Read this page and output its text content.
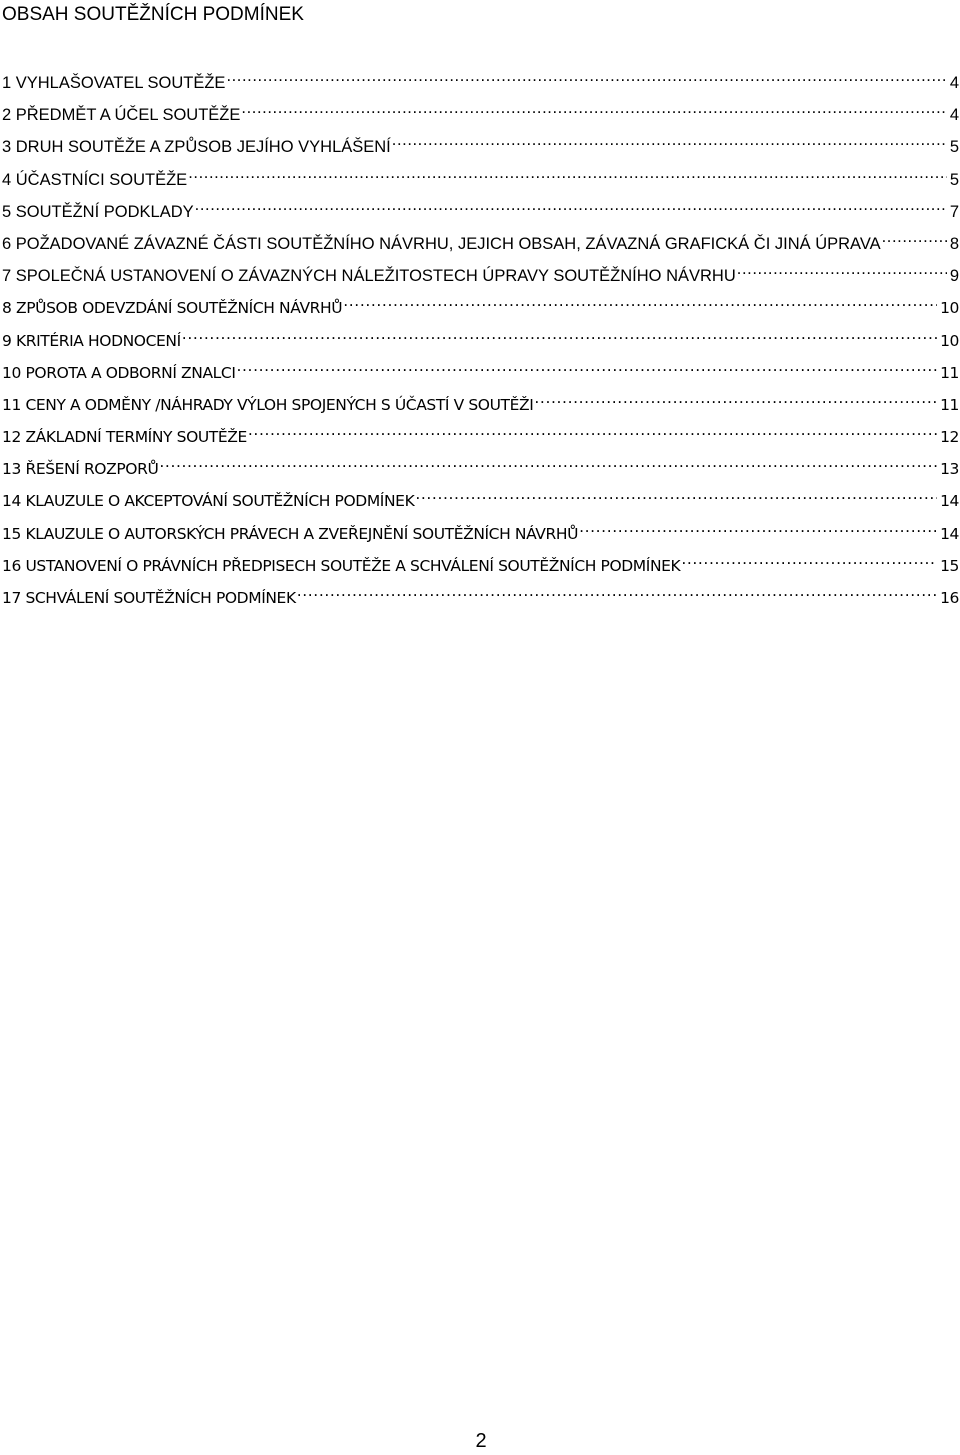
OBSAH SOUTĚŽNÍCH PODMÍNEK
1 VYHLAŠOVATEL SOUTĚŽE .....	4
2 PŘEDMĚT A ÚČEL SOUTĚŽE .....	4
3 DRUH SOUTĚŽE A ZPŮSOB JEJÍHO VYHLÁŠENÍ .....	5
4 ÚČASTNÍCI SOUTĚŽE .....	5
5 SOUTĚŽNÍ PODKLADY .....	7
6 POŽADOVANÉ ZÁVAZNÉ ČÁSTI SOUTĚŽNÍHO NÁVRHU, JEJICH OBSAH, ZÁVAZNÁ GRAFICKÁ ČI JINÁ ÚPRAVA .....	8
7 SPOLEČNÁ USTANOVENÍ O ZÁVAZNÝCH NÁLEŽITOSTECH ÚPRAVY SOUTĚŽNÍHO NÁVRHU .....	9
8 ZPŮSOB ODEVZDÁNÍ SOUTĚŽNÍCH NÁVRHŮ .....	10
9 KRITÉRIA HODNOCENÍ .....	10
10 POROTA A ODBORNÍ ZNALCI .....	11
11 CENY A ODMĚNY /NÁHRADY VÝLOH SPOJENÝCH S ÚČASTÍ V SOUTĚŽI .....	11
12 ZÁKLADNÍ TERMÍNY SOUTĚŽE .....	12
13 ŘEŠENÍ ROZPORŮ .....	13
14 KLAUZULE O AKCEPTOVÁNÍ SOUTĚŽNÍCH PODMÍNEK .....	14
15 KLAUZULE O AUTORSKÝCH PRÁVECH A ZVEŘEJNĚNÍ SOUTĚŽNÍCH NÁVRHŮ .....	14
16 USTANOVENÍ O PRÁVNÍCH PŘEDPISECH SOUTĚŽE A SCHVÁLENÍ SOUTĚŽNÍCH PODMÍNEK .....	15
17 SCHVÁLENÍ SOUTĚŽNÍCH PODMÍNEK .....	16
2
